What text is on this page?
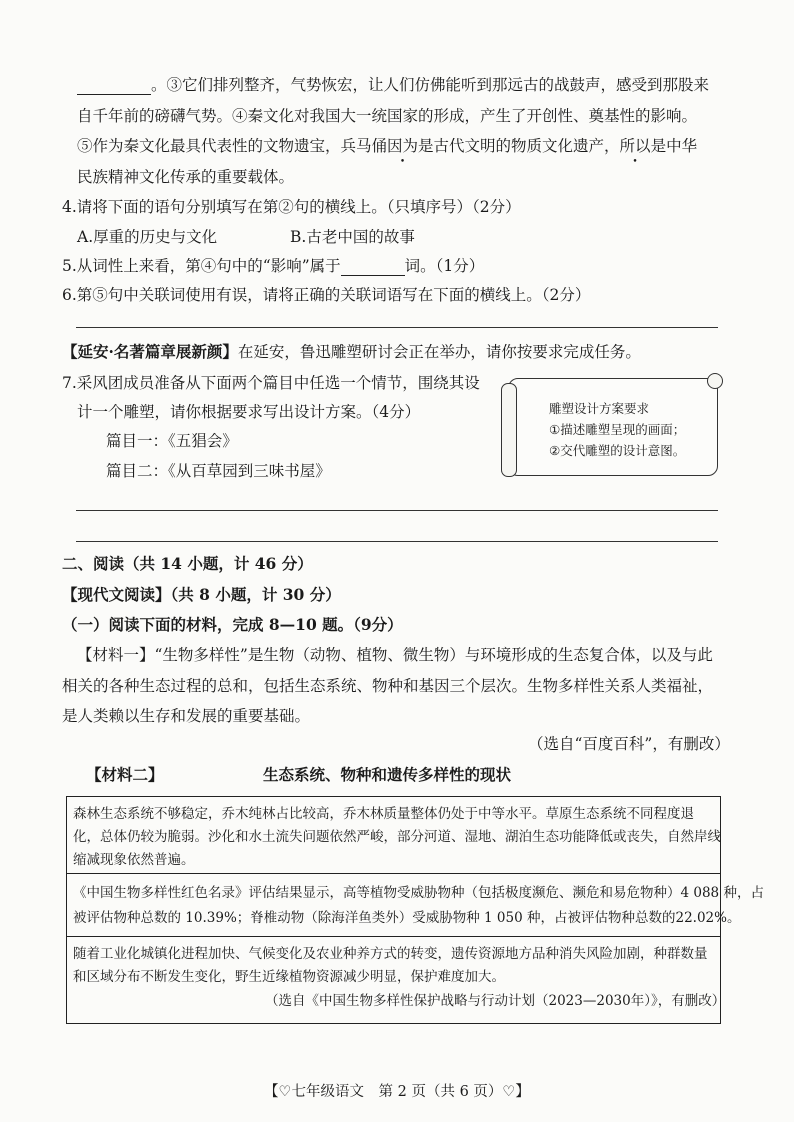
。③它们排列整齐，气势恢宏，让人们仿佛能听到那远古的战鼓声，感受到那股来
自千年前的磅礴气势。④秦文化对我国大一统国家的形成，产生了开创性、奠基性的影响。
⑤作为秦文化最具代表性的文物遗宝，兵马俑因为是古代文明的物质文化遗产，所以是中华
民族精神文化传承的重要载体。
4.请将下面的语句分别填写在第②句的横线上。（只填序号）（2分）
A.厚重的历史与文化	B.古老中国的故事
5.从词性上来看，第④句中的“影响”属于	词。（1分）
6.第⑤句中关联词使用有误，请将正确的关联词语写在下面的横线上。（2分）
【延安·名著篇章展新颜】在延安，鲁迅雕塑研讨会正在举办，请你按要求完成任务。
7.采风团成员准备从下面两个篇目中任选一个情节，围绕其设
计一个雕塑，请你根据要求写出设计方案。（4分）
篇目一：《五猖会》
篇目二：《从百草园到三味书屋》
雕塑设计方案要求
①描述雕塑呈现的画面；
②交代雕塑的设计意图。
二、阅读（共 14 小题，计 46 分）
【现代文阅读】（共 8 小题，计 30 分）
（一）阅读下面的材料，完成 8—10 题。（9分）
【材料一】“生物多样性”是生物（动物、植物、微生物）与环境形成的生态复合体，以及与此
相关的各种生态过程的总和，包括生态系统、物种和基因三个层次。生物多样性关系人类福祉，
是人类赖以生存和发展的重要基础。
（选自“百度百科”，有删改）
【材料二】	生态系统、物种和遗传多样性的现状
森林生态系统不够稳定，乔木纯林占比较高，乔木林质量整体仍处于中等水平。草原生态系统不同程度退
化，总体仍较为脆弱。沙化和水土流失问题依然严峻，部分河道、湿地、湖泊生态功能降低或丧失，自然岸线
缩减现象依然普遍。
《中国生物多样性红色名录》评估结果显示，高等植物受威胁物种（包括极度濒危、濒危和易危物种）4 088 种，占
被评估物种总数的 10.39%；脊椎动物（除海洋鱼类外）受威胁物种 1 050 种，占被评估物种总数的22.02%。
随着工业化城镇化进程加快、气候变化及农业种养方式的转变，遗传资源地方品种消失风险加剧，种群数量
和区域分布不断发生变化，野生近缘植物资源减少明显，保护难度加大。
（选自《中国生物多样性保护战略与行动计划（2023—2030年）》，有删改）
【♡七年级语文　第 2 页（共 6 页）♡】
